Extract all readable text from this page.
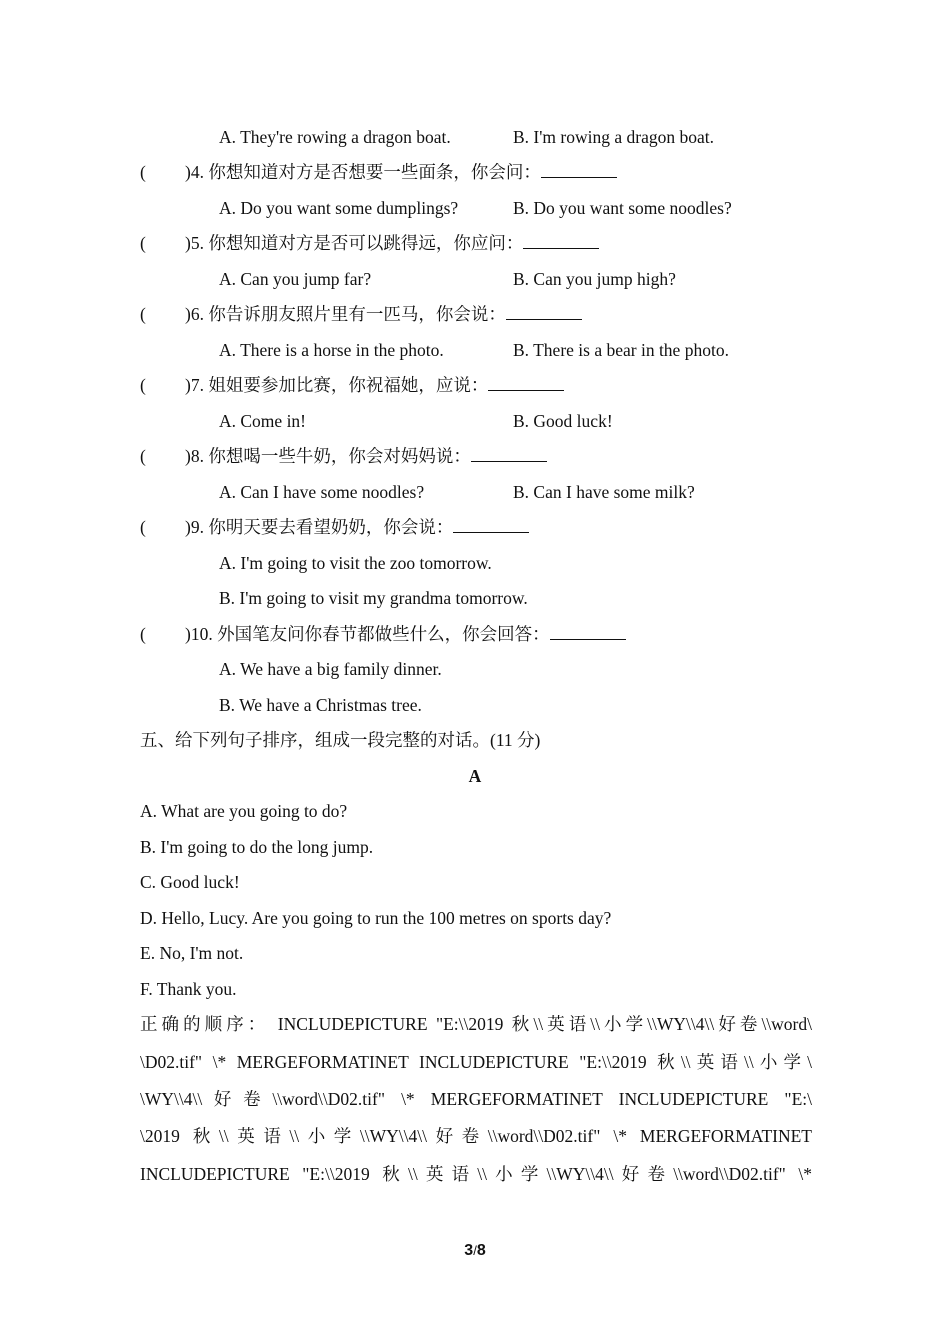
A. They're rowing a dragon boat.	B. I'm rowing a dragon boat.
( )4. 你想知道对方是否想要一些面条，你会问：
A. Do you want some dumplings?	B. Do you want some noodles?
( )5. 你想知道对方是否可以跳得远，你应问：
A. Can you jump far?	B. Can you jump high?
( )6. 你告诉朋友照片里有一匹马，你会说：
A. There is a horse in the photo.	B. There is a bear in the photo.
( )7. 姐姐要参加比赛，你祝福她，应说：
A. Come in!	B. Good luck!
( )8. 你想喝一些牛奶，你会对妈妈说：
A. Can I have some noodles?	B. Can I have some milk?
( )9. 你明天要去看望奶奶，你会说：
A. I'm going to visit the zoo tomorrow.
B. I'm going to visit my grandma tomorrow.
( )10. 外国笔友问你春节都做些什么，你会回答：
A. We have a big family dinner.
B. We have a Christmas tree.
五、给下列句子排序，组成一段完整的对话。(11 分)
A
A. What are you going to do?
B. I'm going to do the long jump.
C. Good luck!
D. Hello, Lucy. Are you going to run the 100 metres on sports day?
E. No, I'm not.
F. Thank you.
正确的顺序： INCLUDEPICTURE "E:\\2019 秋\\英语\\小学\\WY\\4\\好卷\\word\
\D02.tif" \* MERGEFORMATINET INCLUDEPICTURE "E:\\2019 秋\\英语\\小学\
\WY\\4\\好卷\\word\\D02.tif" \* MERGEFORMATINET INCLUDEPICTURE "E:\
\2019 秋\\英语\\小学\\WY\\4\\好卷\\word\\D02.tif" \* MERGEFORMATINET
INCLUDEPICTURE "E:\\2019 秋\\英语\\小学\\WY\\4\\好卷\\word\\D02.tif" \*
3/8
